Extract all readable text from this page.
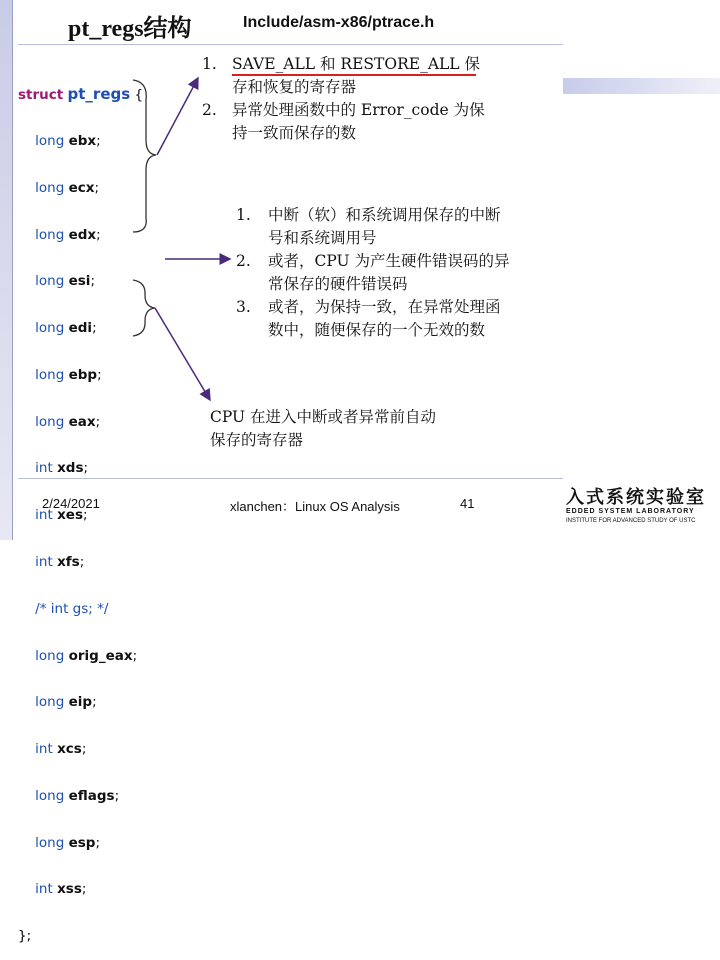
pt_regs结构	Include/asm-x86/ptrace.h

struct pt_regs {

long ebx;

long ecx;

long edx;

long esi;

long edi;

long ebp;

long eax;

int xds;

int xes;

int xfs;

/* int gs; */

long orig_eax;

long eip;

int xcs;

long eflags;

long esp;

int xss;

};

1. SAVE_ALL 和 RESTORE_ALL 保
存和恢复的寄存器
2. 异常处理函数中的 Error_code 为保
持一致而保存的数
1.	中断（软）和系统调用保存的中断
号和系统调用号
2.	或者，CPU 为产生硬件错误码的异
常保存的硬件错误码
3.	或者，为保持一致，在异常处理函
数中，随便保存的一个无效的数
CPU 在进入中断或者异常前自动
保存的寄存器
2/24/2021	xlanchen：Linux OS Analysis	41	入式系统实验室
EDDED SYSTEM LABORATORY
INSTITUTE FOR ADVANCED STUDY OF USTC
